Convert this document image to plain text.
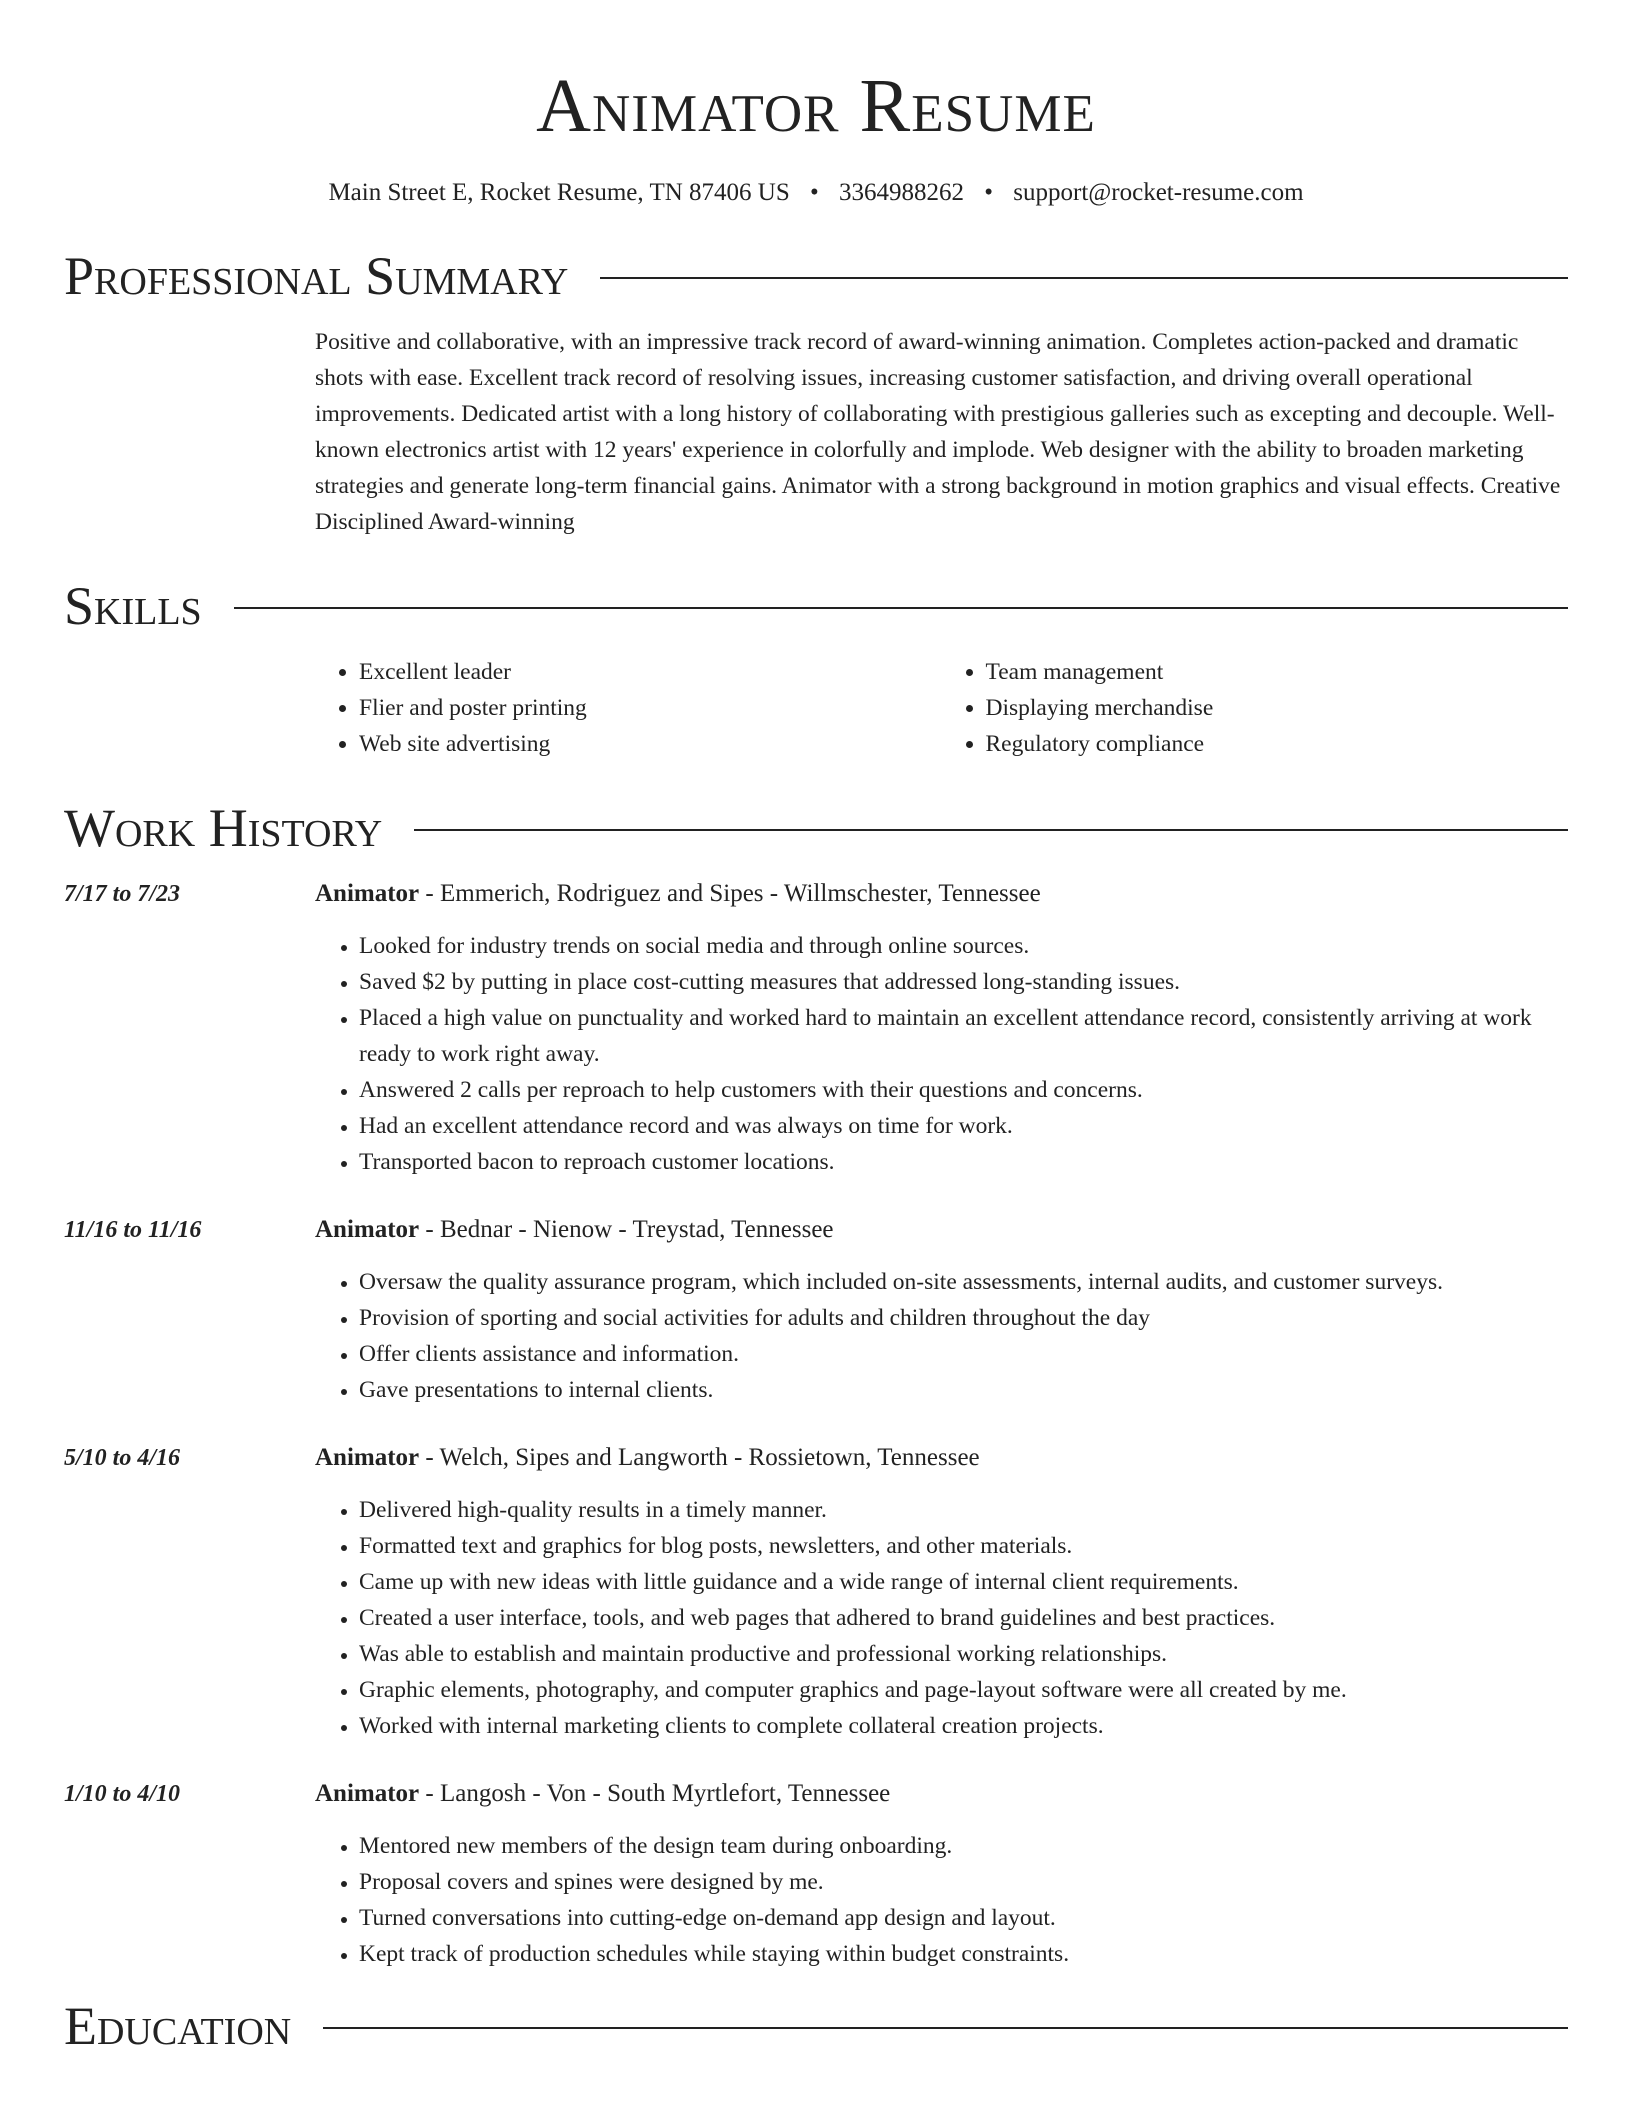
Animator Resume
Main Street E, Rocket Resume, TN 87406 US • 3364988262 • support@rocket-resume.com
Professional Summary
Positive and collaborative, with an impressive track record of award-winning animation. Completes action-packed and dramatic shots with ease. Excellent track record of resolving issues, increasing customer satisfaction, and driving overall operational improvements. Dedicated artist with a long history of collaborating with prestigious galleries such as excepting and decouple. Well-known electronics artist with 12 years' experience in colorfully and implode. Web designer with the ability to broaden marketing strategies and generate long-term financial gains. Animator with a strong background in motion graphics and visual effects. Creative Disciplined Award-winning
Skills
• Excellent leader
• Flier and poster printing
• Web site advertising
• Team management
• Displaying merchandise
• Regulatory compliance
Work History
7/17 to 7/23	Animator - Emmerich, Rodriguez and Sipes - Willmschester, Tennessee
• Looked for industry trends on social media and through online sources.
• Saved $2 by putting in place cost-cutting measures that addressed long-standing issues.
• Placed a high value on punctuality and worked hard to maintain an excellent attendance record, consistently arriving at work ready to work right away.
• Answered 2 calls per reproach to help customers with their questions and concerns.
• Had an excellent attendance record and was always on time for work.
• Transported bacon to reproach customer locations.
11/16 to 11/16	Animator - Bednar - Nienow - Treystad, Tennessee
• Oversaw the quality assurance program, which included on-site assessments, internal audits, and customer surveys.
• Provision of sporting and social activities for adults and children throughout the day
• Offer clients assistance and information.
• Gave presentations to internal clients.
5/10 to 4/16	Animator - Welch, Sipes and Langworth - Rossietown, Tennessee
• Delivered high-quality results in a timely manner.
• Formatted text and graphics for blog posts, newsletters, and other materials.
• Came up with new ideas with little guidance and a wide range of internal client requirements.
• Created a user interface, tools, and web pages that adhered to brand guidelines and best practices.
• Was able to establish and maintain productive and professional working relationships.
• Graphic elements, photography, and computer graphics and page-layout software were all created by me.
• Worked with internal marketing clients to complete collateral creation projects.
1/10 to 4/10	Animator - Langosh - Von - South Myrtlefort, Tennessee
• Mentored new members of the design team during onboarding.
• Proposal covers and spines were designed by me.
• Turned conversations into cutting-edge on-demand app design and layout.
• Kept track of production schedules while staying within budget constraints.
Education
